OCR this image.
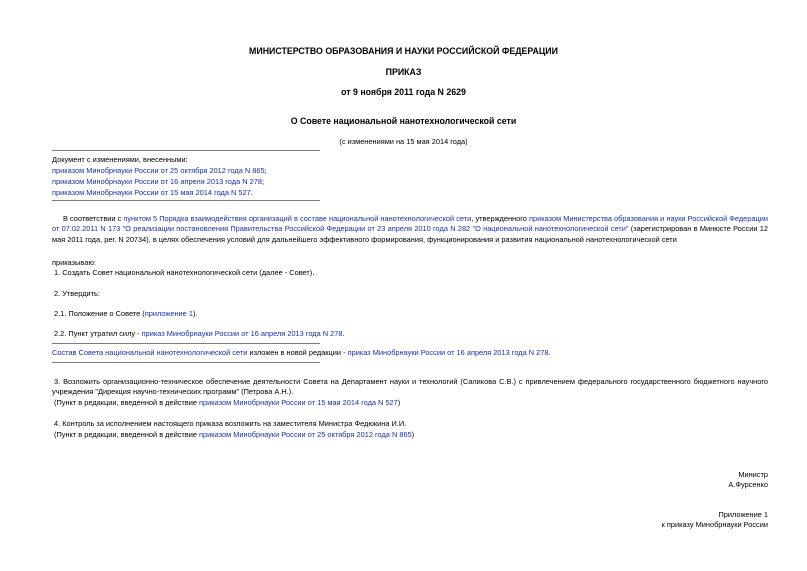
МИНИСТЕРСТВО ОБРАЗОВАНИЯ И НАУКИ РОССИЙСКОЙ ФЕДЕРАЦИИ
ПРИКАЗ
от 9 ноября 2011 года N 2629
О Совете национальной нанотехнологической сети
(с изменениями на 15 мая 2014 года)
Документ с изменениями, внесенными:
приказом Минобрнауки России от 25 октября 2012 года N 865;
приказом Минобрнауки России от 16 апреля 2013 года N 278;
приказом Минобрнауки России от 15 мая 2014 года N 527.
В соответствии с пунктом 5 Порядка взаимодействия организаций в составе национальной нанотехнологической сети, утвержденного приказом Министерства образования и науки Российской Федерации от 07.02.2011 N 173 "О реализации постановления Правительства Российской Федерации от 23 апреля 2010 года N 282 "О национальной нанотехнологической сети" (зарегистрирован в Минюсте России 12 мая 2011 года, рег. N 20734), в целях обеспечения условий для дальнейшего эффективного формирования, функционирования и развития национальной нанотехнологической сети
приказываю:
1. Создать Совет национальной нанотехнологической сети (далее - Совет).
2. Утвердить:
2.1. Положение о Совете (приложение 1).
2.2. Пункт утратил силу - приказ Минобрнауки России от 16 апреля 2013 года N 278.
Состав Совета национальной нанотехнологической сети изложен в новой редакции - приказ Минобрнауки России от 16 апреля 2013 года N 278.
3. Возложить организационно-техническое обеспечение деятельности Совета на Департамент науки и технологий (Саликова С.В.) с привлечением федерального государственного бюджетного научного учреждения "Дирекция научно-технических программ" (Петрова А.Н.).
(Пункт в редакции, введенной в действие приказом Минобрнауки России от 15 мая 2014 года N 527)
4. Контроль за исполнением настоящего приказа возложить на заместителя Министра Федюкина И.И.
(Пункт в редакции, введенной в действие приказом Минобрнауки России от 25 октября 2012 года N 865)
Министр
А.Фурсенко
Приложение 1
к приказу Минобрнауки России
